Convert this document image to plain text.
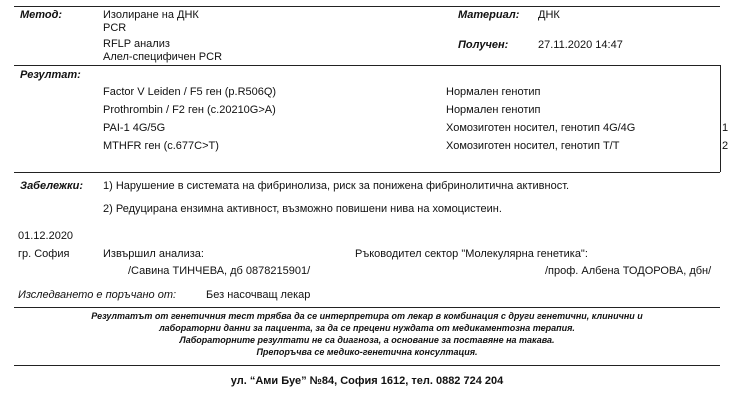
Метод:	Изолиране на ДНК
PCR
RFLP анализ
Алел-специфичен PCR
Материал: ДНК
Получен:	27.11.2020 14:47
Резултат:
Factor V Leiden / F5 ген (p.R506Q)	Нормален генотип
Prothrombin / F2 ген (c.20210G>A)	Нормален генотип
PAI-1 4G/5G	Хомозиготен носител, генотип 4G/4G	1
MTHFR ген (c.677C>T)	Хомозиготен носител, генотип T/T	2
Забележки: 1) Нарушение в системата на фибринолиза, риск за понижена фибринолитична активност.
2) Редуцирана ензимна активност, възможно повишени нива на хомоцистеин.
01.12.2020
гр. София	Извършил анализа:
/Савина ТИНЧЕВА, дб 0878215901/
Ръководител сектор "Молекулярна генетика":
/проф. Албена ТОДОРОВА, дбн/
Изследването е поръчано от:	Без насочващ лекар
Резултатът от генетичния тест трябва да се интерпретира от лекар в комбинация с други генетични, клинични и
лабораторни данни за пациента, за да се прецени нуждата от медикаментозна терапия.
Лабораторните резултати не са диагноза, а основание за поставяне на такава.
Препоръчва се медико-генетична консултация.
ул. “Ами Буе” №84, София 1612, тел. 0882 724 204
